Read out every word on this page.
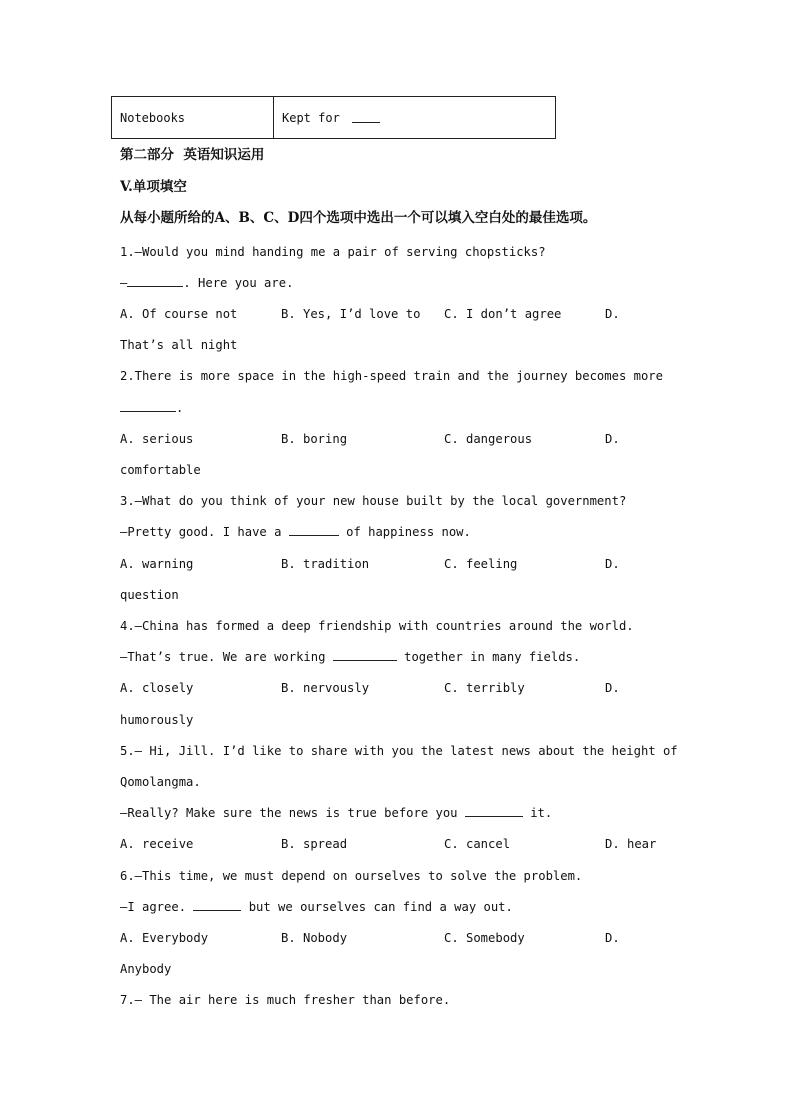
Notebooks	Kept for
第二部分  英语知识运用
V.单项填空
从每小题所给的A、B、C、D四个选项中选出一个可以填入空白处的最佳选项。
1.—Would you mind handing me a pair of serving chopsticks?
—	. Here you are.
A. Of course not	B. Yes, I’d love to C. I don’t agree	D.
That’s all night
2.There is more space in the high-speed train and the journey becomes more
.
A. serious	B. boring	C. dangerous	D.
comfortable
3.—What do you think of your new house built by the local government?
—Pretty good. I have a	of happiness now.
A. warning	B. tradition	C. feeling	D.
question
4.—China has formed a deep friendship with countries around the world.
—That’s true. We are working	together in many fields.
A. closely	B. nervously	C. terribly	D.
humorously
5.— Hi, Jill. I’d like to share with you the latest news about the height of
Qomolangma.
—Really? Make sure the news is true before you	it.
A. receive	B. spread	C. cancel	D. hear
6.—This time, we must depend on ourselves to solve the problem.
—I agree.	but we ourselves can find a way out.
A. Everybody	B. Nobody	C. Somebody	D.
Anybody
7.— The air here is much fresher than before.
